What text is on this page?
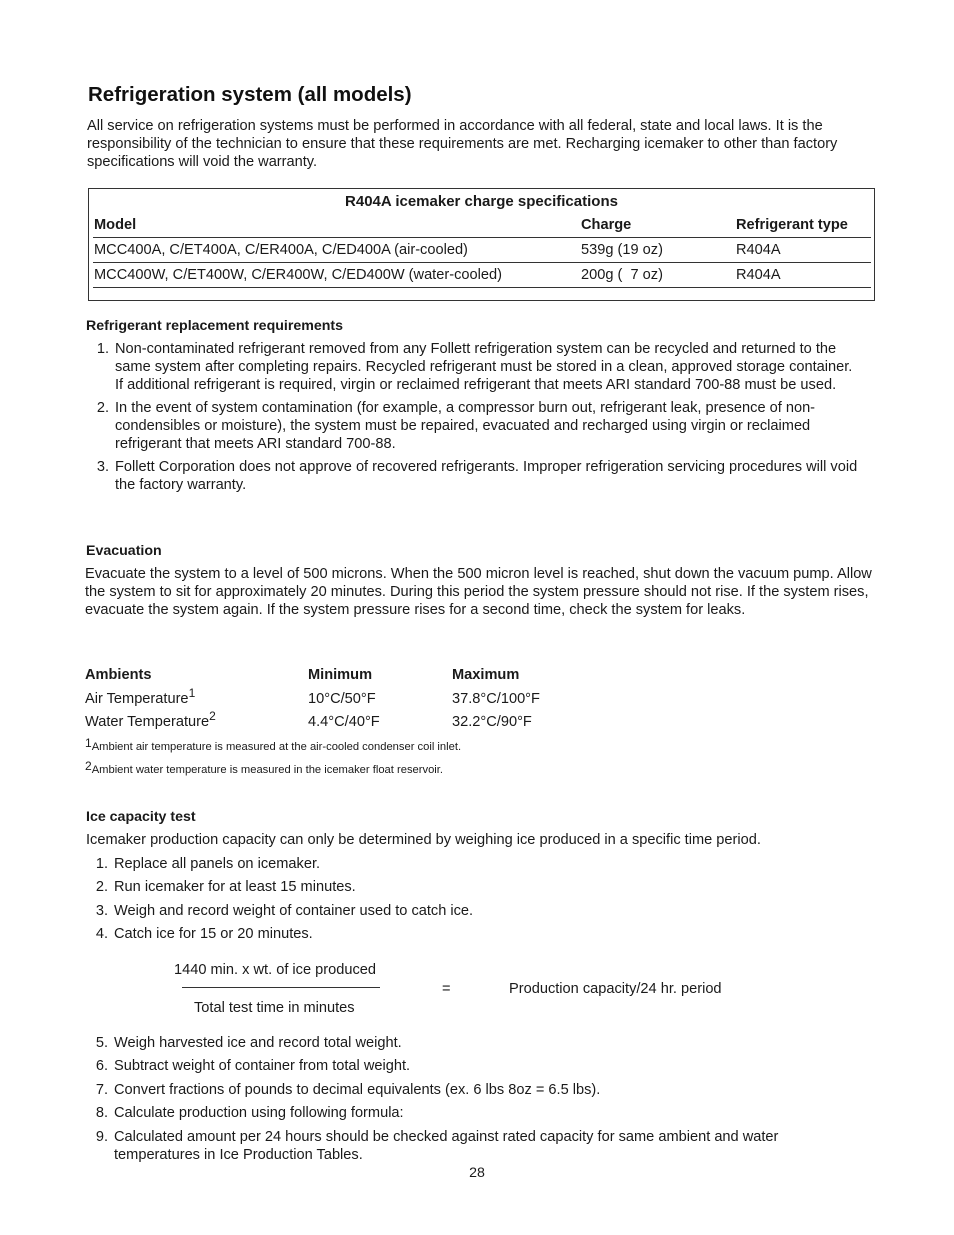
Refrigeration system (all models)

All service on refrigeration systems must be performed in accordance with all federal, state and local laws. It is the responsibility of the technician to ensure that these requirements are met. Recharging icemaker to other than factory specifications will void the warranty.

R404A icemaker charge specifications
Model	Charge	Refrigerant type
MCC400A, C/ET400A, C/ER400A, C/ED400A (air-cooled)	539g (19 oz)	R404A
MCC400W, C/ET400W, C/ER400W, C/ED400W (water-cooled)	200g (  7 oz)	R404A
Refrigerant replacement requirements
1. Non-contaminated refrigerant removed from any Follett refrigeration system can be recycled and returned to the same system after completing repairs. Recycled refrigerant must be stored in a clean, approved storage container. If additional refrigerant is required, virgin or reclaimed refrigerant that meets ARI standard 700-88 must be used.
2. In the event of system contamination (for example, a compressor burn out, refrigerant leak, presence of non-condensibles or moisture), the system must be repaired, evacuated and recharged using virgin or reclaimed refrigerant that meets ARI standard 700-88.
3. Follett Corporation does not approve of recovered refrigerants. Improper refrigeration servicing procedures will void the factory warranty.
Evacuation

Evacuate the system to a level of 500 microns. When the 500 micron level is reached, shut down the vacuum pump. Allow the system to sit for approximately 20 minutes. During this period the system pressure should not rise. If the system rises, evacuate the system again. If the system pressure rises for a second time, check the system for leaks.

Ambients	Minimum	Maximum
Air Temperature$^1$	10°C/50°F	37.8°C/100°F
Water Temperature$^2$	4.4°C/40°F	32.2°C/90°F
$^1$Ambient air temperature is measured at the air-cooled condenser coil inlet.
$^2$Ambient water temperature is measured in the icemaker float reservoir.
Ice capacity test

Icemaker production capacity can only be determined by weighing ice produced in a specific time period.

1. Replace all panels on icemaker.
2. Run icemaker for at least 15 minutes.
3. Weigh and record weight of container used to catch ice.
4. Catch ice for 15 or 20 minutes.
1440 min. x wt. of ice produced
Total test time in minutes
=	Production capacity/24 hr. period
5. Weigh harvested ice and record total weight.
6. Subtract weight of container from total weight.
7. Convert fractions of pounds to decimal equivalents (ex. 6 lbs 8oz = 6.5 lbs).
8. Calculate production using following formula:
9. Calculated amount per 24 hours should be checked against rated capacity for same ambient and water temperatures in Ice Production Tables.
28
